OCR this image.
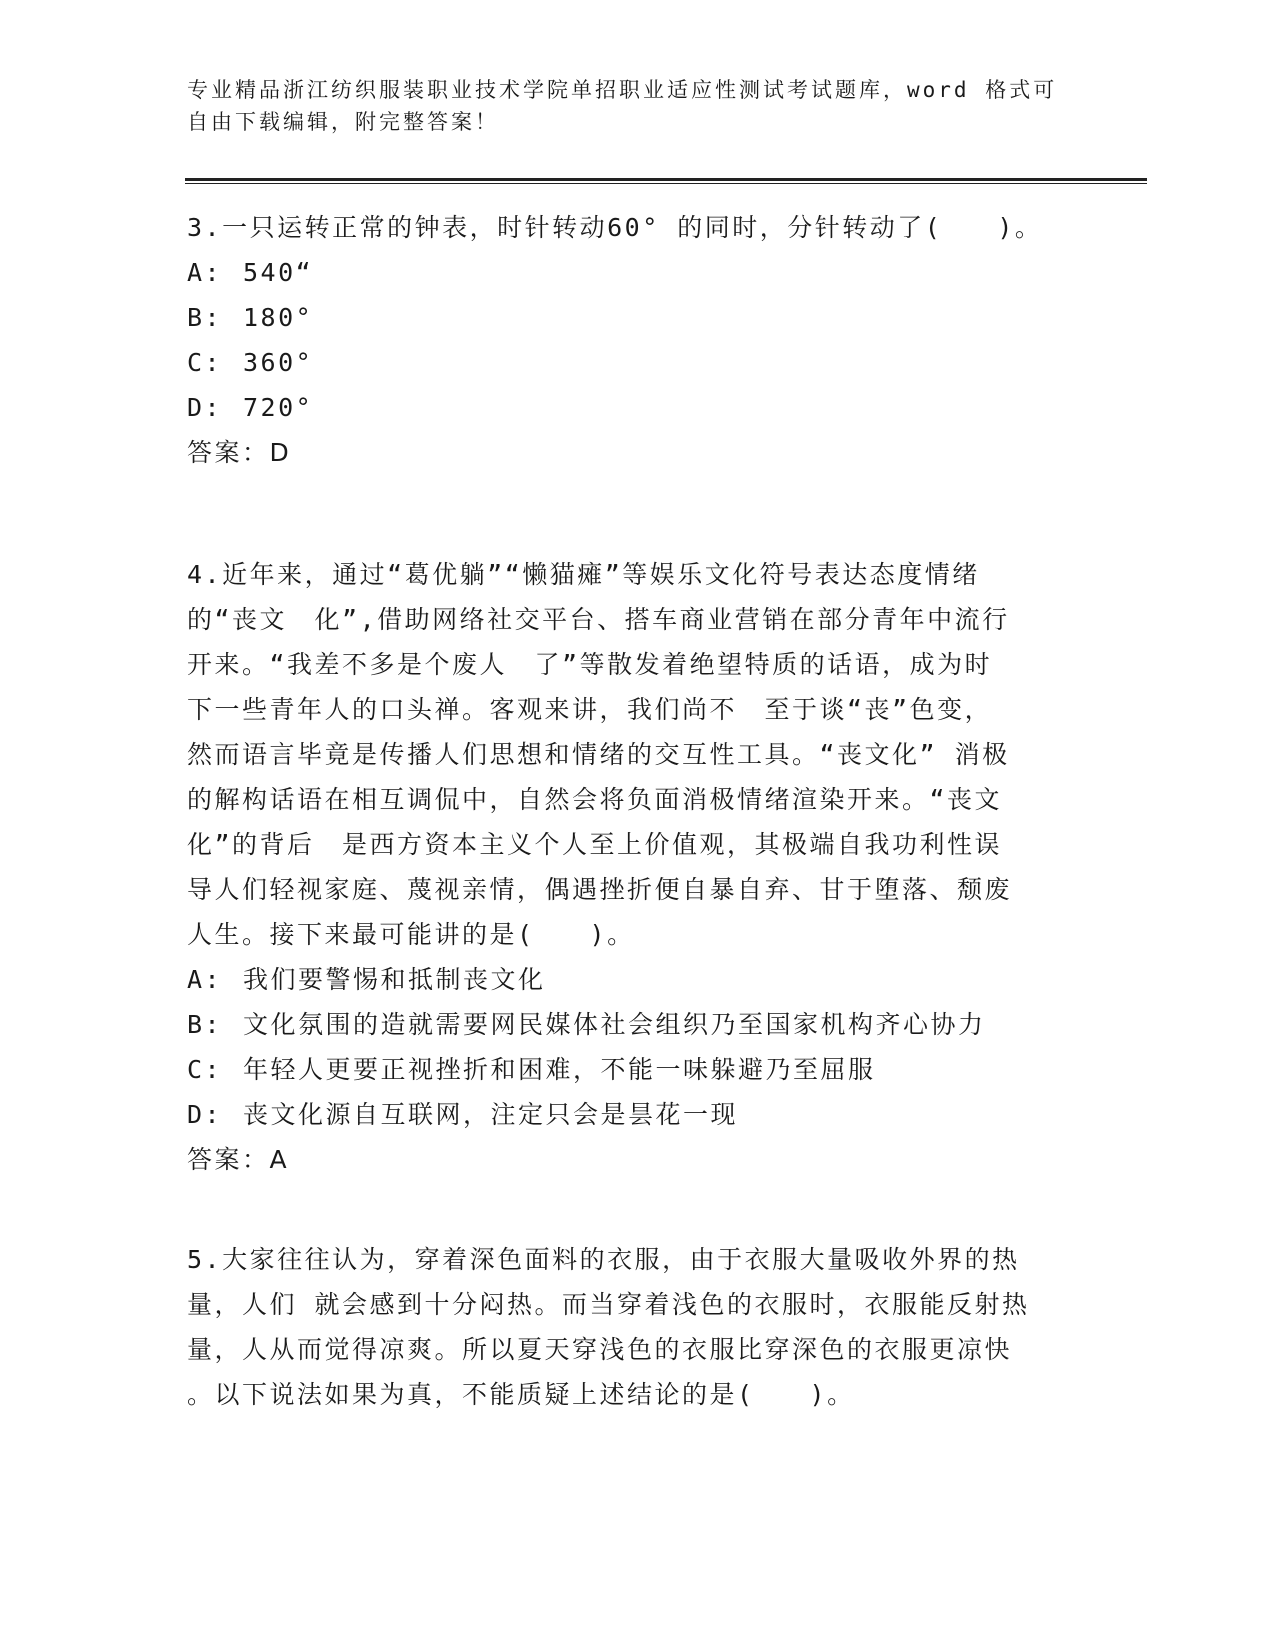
专业精品浙江纺织服装职业技术学院单招职业适应性测试考试题库，word 格式可

自由下载编辑，附完整答案！

3.一只运转正常的钟表，时针转动60° 的同时，分针转动了(　　)。

A: 540“

B: 180°

C: 360°

D: 720°

答案：D

4.近年来，通过“葛优躺”“懒猫瘫”等娱乐文化符号表达态度情绪

的“丧文　化”,借助网络社交平台、搭车商业营销在部分青年中流行

开来。“我差不多是个废人　了”等散发着绝望特质的话语，成为时

下一些青年人的口头禅。客观来讲，我们尚不　至于谈“丧”色变，

然而语言毕竟是传播人们思想和情绪的交互性工具。“丧文化” 消极

的解构话语在相互调侃中，自然会将负面消极情绪渲染开来。“丧文

化”的背后　是西方资本主义个人至上价值观，其极端自我功利性误

导人们轻视家庭、蔑视亲情，偶遇挫折便自暴自弃、甘于堕落、颓废

人生。接下来最可能讲的是(　　)。

A: 我们要警惕和抵制丧文化

B: 文化氛围的造就需要网民媒体社会组织乃至国家机构齐心协力

C: 年轻人更要正视挫折和困难，不能一味躲避乃至屈服

D: 丧文化源自互联网，注定只会是昙花一现

答案：A

5.大家往往认为，穿着深色面料的衣服，由于衣服大量吸收外界的热

量，人们 就会感到十分闷热。而当穿着浅色的衣服时，衣服能反射热

量，人从而觉得凉爽。所以夏天穿浅色的衣服比穿深色的衣服更凉快

。以下说法如果为真，不能质疑上述结论的是(　　)。
